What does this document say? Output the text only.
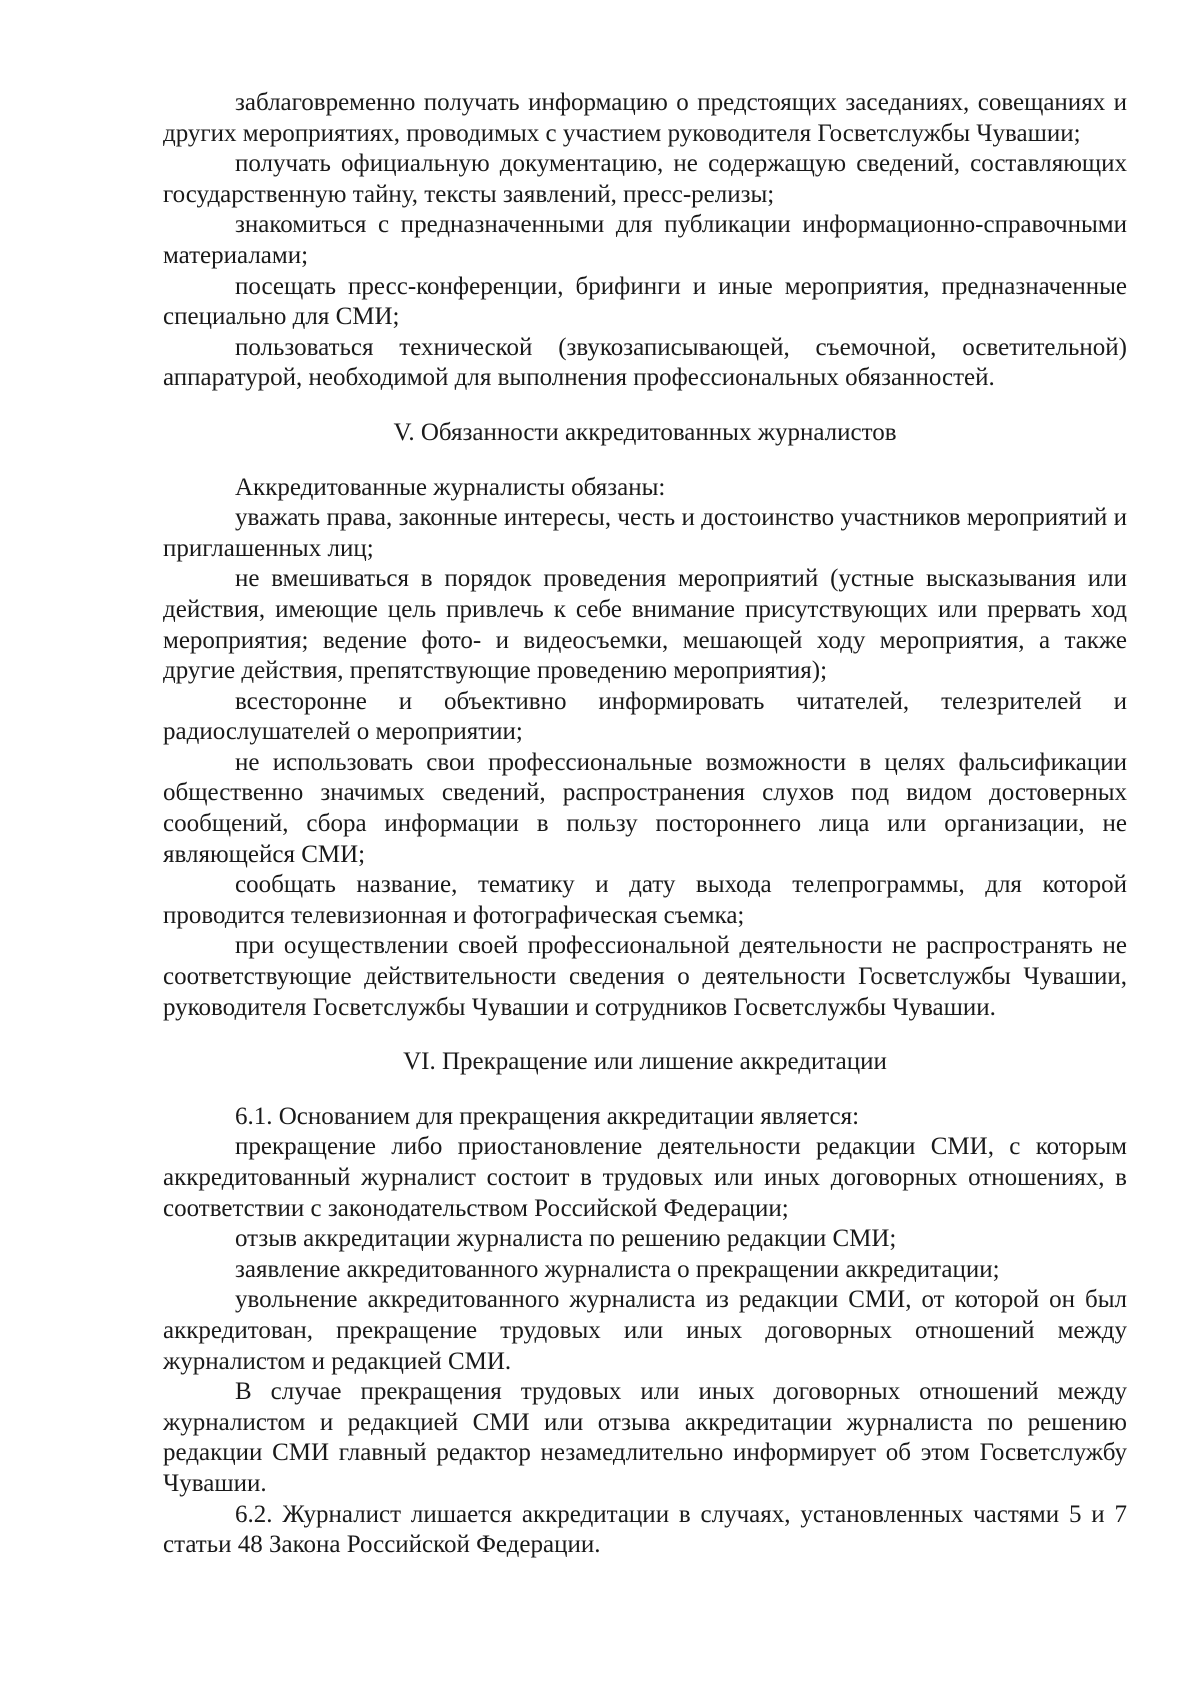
заблаговременно получать информацию о предстоящих заседаниях, совещаниях и других мероприятиях, проводимых с участием руководителя Госветслужбы Чувашии;

получать официальную документацию, не содержащую сведений, составляющих государственную тайну, тексты заявлений, пресс-релизы;

знакомиться с предназначенными для публикации информационно-справочными материалами;

посещать пресс-конференции, брифинги и иные мероприятия, предназначенные специально для СМИ;

пользоваться технической (звукозаписывающей, съемочной, осветительной) аппаратурой, необходимой для выполнения профессиональных обязанностей.

V. Обязанности аккредитованных журналистов

Аккредитованные журналисты обязаны:

уважать права, законные интересы, честь и достоинство участников мероприятий и приглашенных лиц;

не вмешиваться в порядок проведения мероприятий (устные высказывания или действия, имеющие цель привлечь к себе внимание присутствующих или прервать ход мероприятия; ведение фото- и видеосъемки, мешающей ходу мероприятия, а также другие действия, препятствующие проведению мероприятия);

всесторонне и объективно информировать читателей, телезрителей и радиослушателей о мероприятии;

не использовать свои профессиональные возможности в целях фальсификации общественно значимых сведений, распространения слухов под видом достоверных сообщений, сбора информации в пользу постороннего лица или организации, не являющейся СМИ;

сообщать название, тематику и дату выхода телепрограммы, для которой проводится телевизионная и фотографическая съемка;

при осуществлении своей профессиональной деятельности не распространять не соответствующие действительности сведения о деятельности Госветслужбы Чувашии, руководителя Госветслужбы Чувашии и сотрудников Госветслужбы Чувашии.

VI. Прекращение или лишение аккредитации

6.1. Основанием для прекращения аккредитации является:

прекращение либо приостановление деятельности редакции СМИ, с которым аккредитованный журналист состоит в трудовых или иных договорных отношениях, в соответствии с законодательством Российской Федерации;

отзыв аккредитации журналиста по решению редакции СМИ;

заявление аккредитованного журналиста о прекращении аккредитации;

увольнение аккредитованного журналиста из редакции СМИ, от которой он был аккредитован, прекращение трудовых или иных договорных отношений между журналистом и редакцией СМИ.

В случае прекращения трудовых или иных договорных отношений между журналистом и редакцией СМИ или отзыва аккредитации журналиста по решению редакции СМИ главный редактор незамедлительно информирует об этом Госветслужбу Чувашии.

6.2. Журналист лишается аккредитации в случаях, установленных частями 5 и 7 статьи 48 Закона Российской Федерации.
